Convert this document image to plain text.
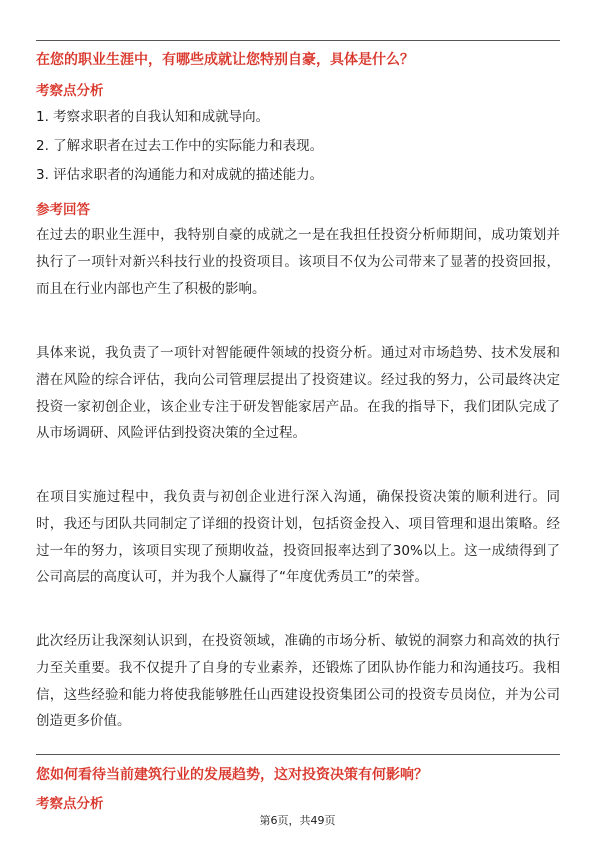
在您的职业生涯中，有哪些成就让您特别自豪，具体是什么？
考察点分析
1. 考察求职者的自我认知和成就导向。
2. 了解求职者在过去工作中的实际能力和表现。
3. 评估求职者的沟通能力和对成就的描述能力。
参考回答

在过去的职业生涯中，我特别自豪的成就之一是在我担任投资分析师期间，成功策划并执行了一项针对新兴科技行业的投资项目。该项目不仅为公司带来了显著的投资回报，而且在行业内部也产生了积极的影响。

具体来说，我负责了一项针对智能硬件领域的投资分析。通过对市场趋势、技术发展和潜在风险的综合评估，我向公司管理层提出了投资建议。经过我的努力，公司最终决定投资一家初创企业，该企业专注于研发智能家居产品。在我的指导下，我们团队完成了从市场调研、风险评估到投资决策的全过程。

在项目实施过程中，我负责与初创企业进行深入沟通，确保投资决策的顺利进行。同时，我还与团队共同制定了详细的投资计划，包括资金投入、项目管理和退出策略。经过一年的努力，该项目实现了预期收益，投资回报率达到了30%以上。这一成绩得到了公司高层的高度认可，并为我个人赢得了“年度优秀员工”的荣誉。

此次经历让我深刻认识到，在投资领域，准确的市场分析、敏锐的洞察力和高效的执行力至关重要。我不仅提升了自身的专业素养，还锻炼了团队协作能力和沟通技巧。我相信，这些经验和能力将使我能够胜任山西建设投资集团公司的投资专员岗位，并为公司创造更多价值。

您如何看待当前建筑行业的发展趋势，这对投资决策有何影响？
考察点分析
第6页，共49页
